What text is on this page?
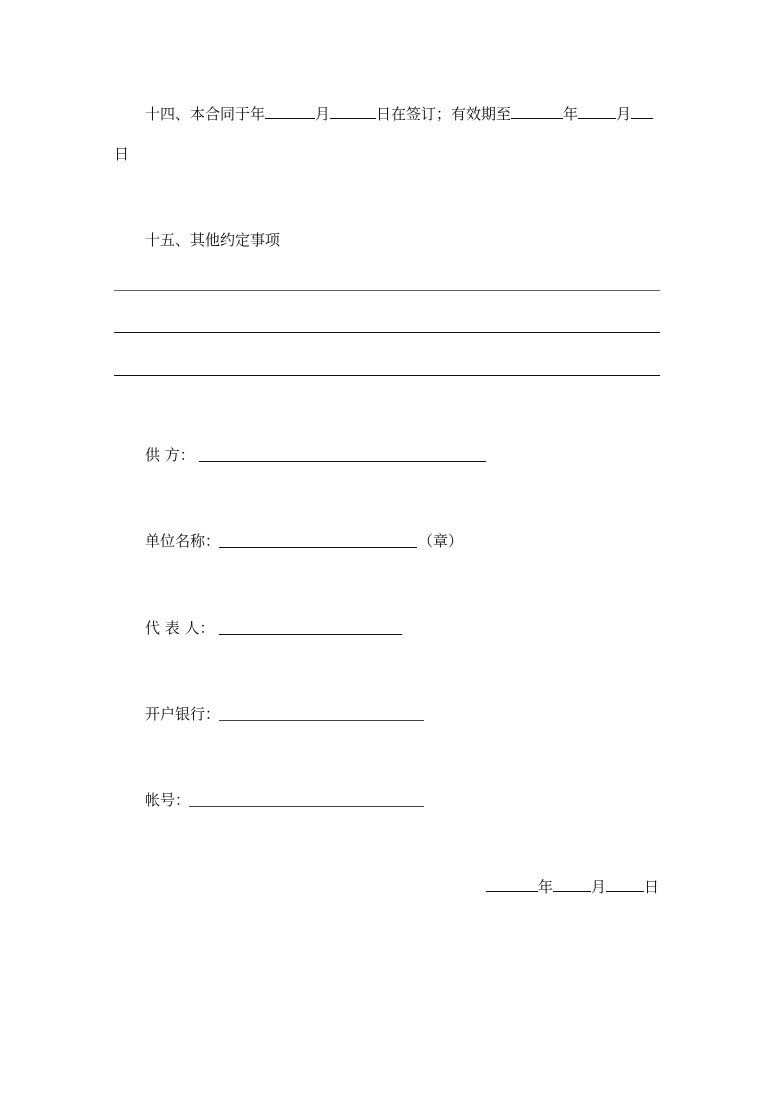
十四、本合同于年	月	日在签订；有效期至	年	月
日
十五、其他约定事项
供 方：
单位名称：	（章）
代 表 人：
开户银行：
帐号：
年	月	日
